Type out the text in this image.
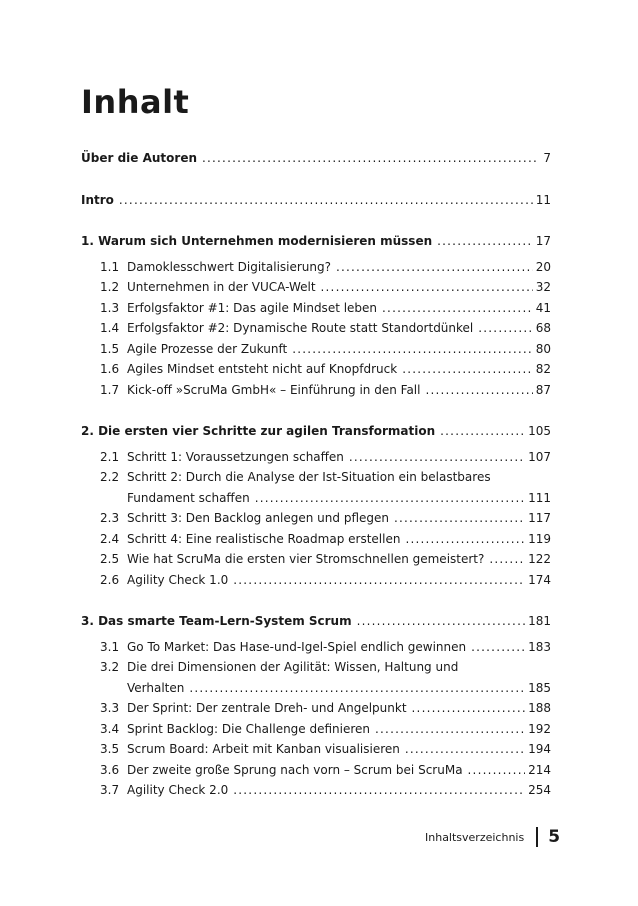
Inhalt
Über die Autoren .....	7
Intro .....	11
1. Warum sich Unternehmen modernisieren müssen .....	17
1.1 Damoklesschwert Digitalisierung? .....	20
1.2 Unternehmen in der VUCA-Welt .....	32
1.3 Erfolgsfaktor #1: Das agile Mindset leben .....	41
1.4 Erfolgsfaktor #2: Dynamische Route statt Standortdünkel .....	68
1.5 Agile Prozesse der Zukunft .....	80
1.6 Agiles Mindset entsteht nicht auf Knopfdruck .....	82
1.7 Kick-off »ScruMa GmbH« – Einführung in den Fall .....	87
2. Die ersten vier Schritte zur agilen Transformation .....	105
2.1 Schritt 1: Voraussetzungen schaffen .....	107
2.2 Schritt 2: Durch die Analyse der Ist-Situation ein belastbares
Fundament schaffen .....	111
2.3 Schritt 3: Den Backlog anlegen und pflegen .....	117
2.4 Schritt 4: Eine realistische Roadmap erstellen .....	119
2.5 Wie hat ScruMa die ersten vier Stromschnellen gemeistert? .....	122
2.6 Agility Check 1.0 .....	174
3. Das smarte Team-Lern-System Scrum .....	181
3.1 Go To Market: Das Hase-und-Igel-Spiel endlich gewinnen .....	183
3.2 Die drei Dimensionen der Agilität: Wissen, Haltung und
Verhalten .....	185
3.3 Der Sprint: Der zentrale Dreh- und Angelpunkt .....	188
3.4 Sprint Backlog: Die Challenge definieren .....	192
3.5 Scrum Board: Arbeit mit Kanban visualisieren .....	194
3.6 Der zweite große Sprung nach vorn – Scrum bei ScruMa .....	214
3.7 Agility Check 2.0 .....	254
Inhaltsverzeichnis 5
